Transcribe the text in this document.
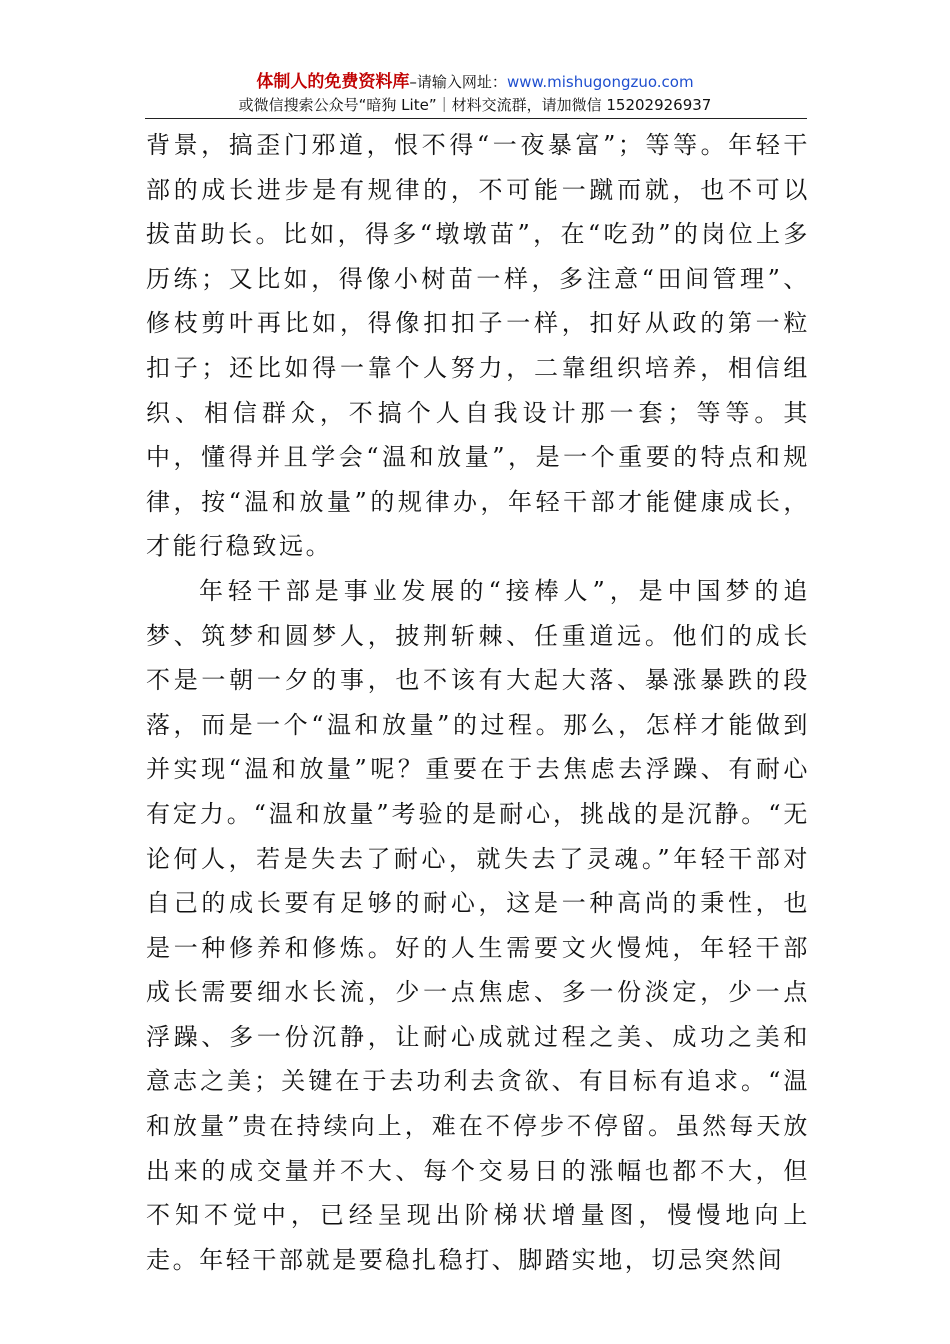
体制人的免费资料库–请输入网址：www.mishugongzuo.com
或微信搜索公众号“暗狗 Lite”｜材料交流群，请加微信 15202926937

背景，搞歪门邪道，恨不得“一夜暴富”；等等。年轻干部的成长进步是有规律的，不可能一蹴而就，也不可以拔苗助长。比如，得多“墩墩苗”，在“吃劲”的岗位上多历练；又比如，得像小树苗一样，多注意“田间管理”、修枝剪叶再比如，得像扣扣子一样，扣好从政的第一粒扣子；还比如得一靠个人努力，二靠组织培养，相信组织、相信群众，不搞个人自我设计那一套；等等。其中，懂得并且学会“温和放量”，是一个重要的特点和规律，按“温和放量”的规律办，年轻干部才能健康成长，才能行稳致远。

年轻干部是事业发展的“接棒人”，是中国梦的追梦、筑梦和圆梦人，披荆斩棘、任重道远。他们的成长不是一朝一夕的事，也不该有大起大落、暴涨暴跌的段落，而是一个“温和放量”的过程。那么，怎样才能做到并实现“温和放量”呢？重要在于去焦虑去浮躁、有耐心有定力。“温和放量”考验的是耐心，挑战的是沉静。“无论何人，若是失去了耐心，就失去了灵魂。”年轻干部对自己的成长要有足够的耐心，这是一种高尚的秉性，也是一种修养和修炼。好的人生需要文火慢炖，年轻干部成长需要细水长流，少一点焦虑、多一份淡定，少一点浮躁、多一份沉静，让耐心成就过程之美、成功之美和意志之美；关键在于去功利去贪欲、有目标有追求。“温和放量”贵在持续向上，难在不停步不停留。虽然每天放出来的成交量并不大、每个交易日的涨幅也都不大，但不知不觉中，已经呈现出阶梯状增量图，慢慢地向上走。年轻干部就是要稳扎稳打、脚踏实地，切忌突然间
